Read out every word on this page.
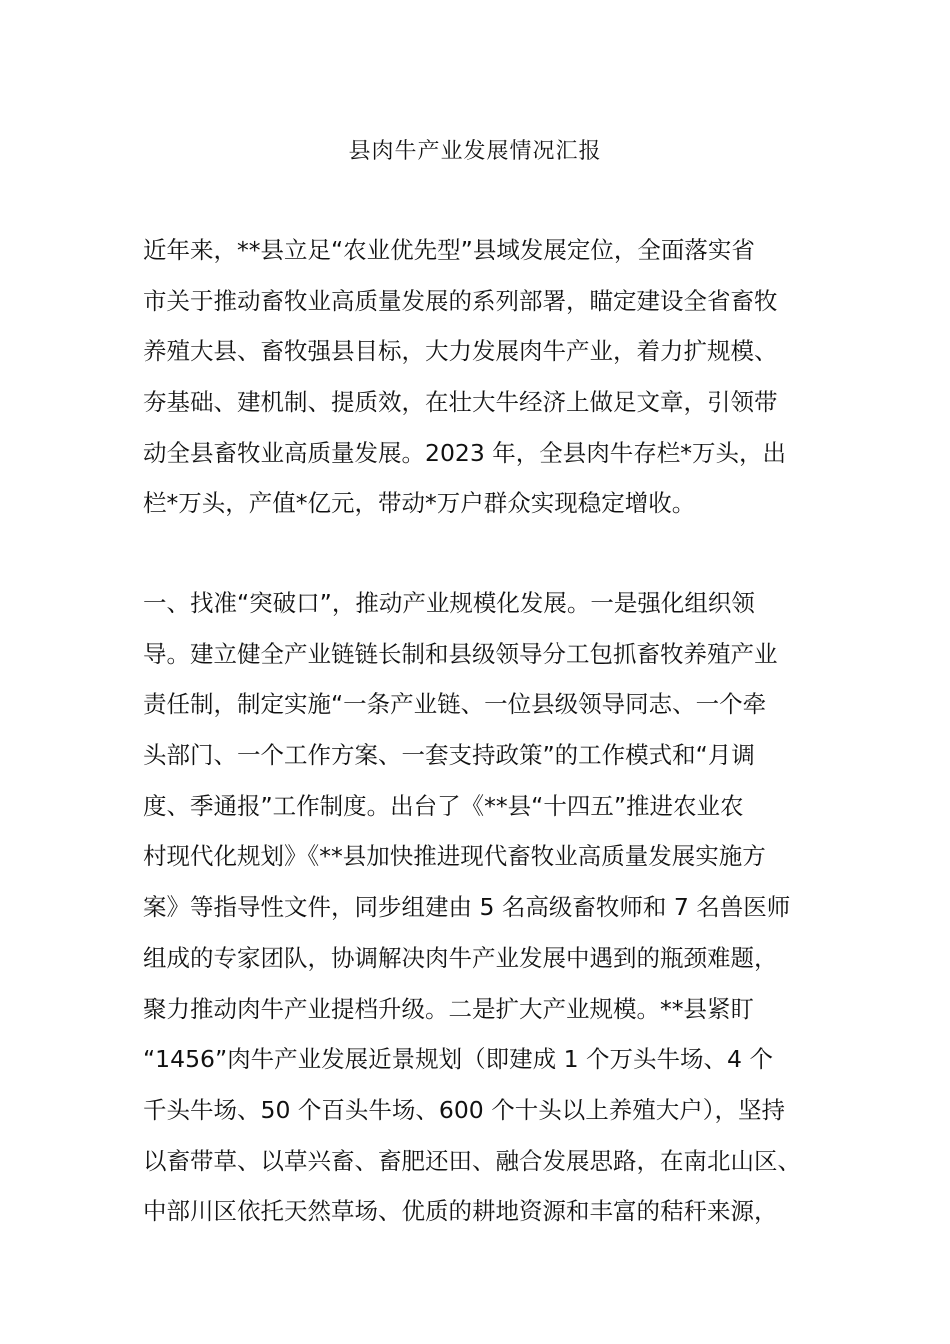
县肉牛产业发展情况汇报
近年来，**县立足“农业优先型”县域发展定位，全面落实省
市关于推动畜牧业高质量发展的系列部署，瞄定建设全省畜牧
养殖大县、畜牧强县目标，大力发展肉牛产业，着力扩规模、
夯基础、建机制、提质效，在壮大牛经济上做足文章，引领带
动全县畜牧业高质量发展。2023 年，全县肉牛存栏*万头，出
栏*万头，产值*亿元，带动*万户群众实现稳定增收。
一、找准“突破口”，推动产业规模化发展。一是强化组织领
导。建立健全产业链链长制和县级领导分工包抓畜牧养殖产业
责任制，制定实施“一条产业链、一位县级领导同志、一个牵
头部门、一个工作方案、一套支持政策”的工作模式和“月调
度、季通报”工作制度。出台了《**县“十四五”推进农业农
村现代化规划》《**县加快推进现代畜牧业高质量发展实施方
案》等指导性文件，同步组建由 5 名高级畜牧师和 7 名兽医师
组成的专家团队，协调解决肉牛产业发展中遇到的瓶颈难题，
聚力推动肉牛产业提档升级。二是扩大产业规模。**县紧盯
“1456”肉牛产业发展近景规划（即建成 1 个万头牛场、4 个
千头牛场、50 个百头牛场、600 个十头以上养殖大户），坚持
以畜带草、以草兴畜、畜肥还田、融合发展思路，在南北山区、
中部川区依托天然草场、优质的耕地资源和丰富的秸秆来源，
